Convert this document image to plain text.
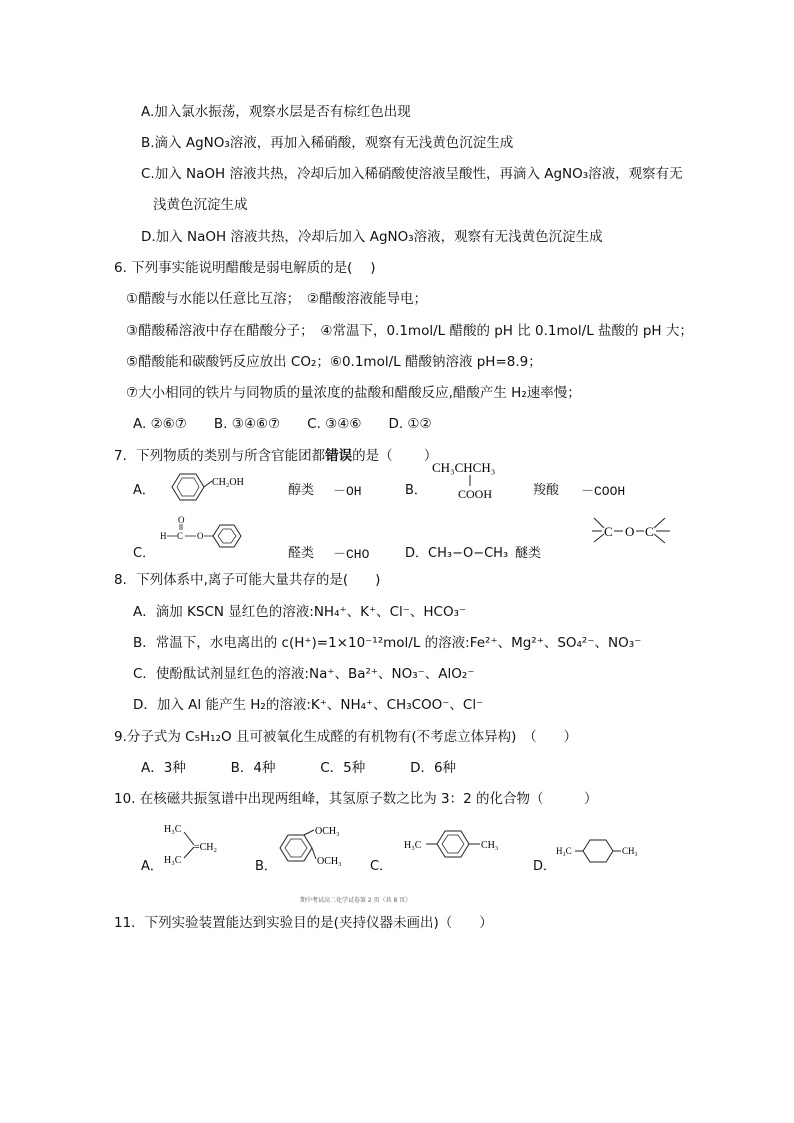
A.加入氯水振荡，观察水层是否有棕红色出现
B.滴入 AgNO₃溶液，再加入稀硝酸，观察有无浅黄色沉淀生成
C.加入 NaOH 溶液共热，冷却后加入稀硝酸使溶液呈酸性，再滴入 AgNO₃溶液，观察有无
浅黄色沉淀生成
D.加入 NaOH 溶液共热，冷却后加入 AgNO₃溶液，观察有无浅黄色沉淀生成
6. 下列事实能说明醋酸是弱电解质的是(　 )
①醋酸与水能以任意比互溶；　②醋酸溶液能导电；
③醋酸稀溶液中存在醋酸分子；　④常温下，0.1mol/L 醋酸的 pH 比 0.1mol/L 盐酸的 pH 大；
⑤醋酸能和碳酸钙反应放出 CO₂；⑥0.1mol/L 醋酸钠溶液 pH=8.9；
⑦大小相同的铁片与同物质的量浓度的盐酸和醋酸反应,醋酸产生 H₂速率慢；
A. ②⑥⑦　　B. ③④⑥⑦　　C. ③④⑥　　D. ①②
7．下列物质的类别与所含官能团都错误的是（　　 ）
A．
CH₂OH
醇类 －OH	B．
CH₃CHCH₃
COOH	羧酸 －COOH
C．
H C
O
O
醛类 －CHO	D．CH₃−O−CH₃ 醚类
C O C
8．下列体系中,离子可能大量共存的是(　　)
A．滴加 KSCN 显红色的溶液:NH₄⁺、K⁺、Cl⁻、HCO₃⁻
B．常温下，水电离出的 c(H⁺)=1×10⁻¹²mol/L 的溶液:Fe²⁺、Mg²⁺、SO₄²⁻、NO₃⁻
C．使酚酞试剂显红色的溶液:Na⁺、Ba²⁺、NO₃⁻、AlO₂⁻
D．加入 Al 能产生 H₂的溶液:K⁺、NH₄⁺、CH₃COO⁻、Cl⁻
9.分子式为 C₅H₁₂O 且可被氧化生成醛的有机物有(不考虑立体异构)　（　　）
A．3种　　　 B．4种　　　 C．5种　　　 D．6种
10. 在核磁共振氢谱中出现两组峰，其氢原子数之比为 3：2 的化合物（　　　）
A．
H₃C
H₃C
=CH₂
B．
OCH₃
OCH₃ C．
H₃C	CH₃
D．
H₃C	CH₃
期中考试高二化学试卷第 2 页（共 8 页）
11．下列实验装置能达到实验目的是(夹持仪器未画出)（　　）
